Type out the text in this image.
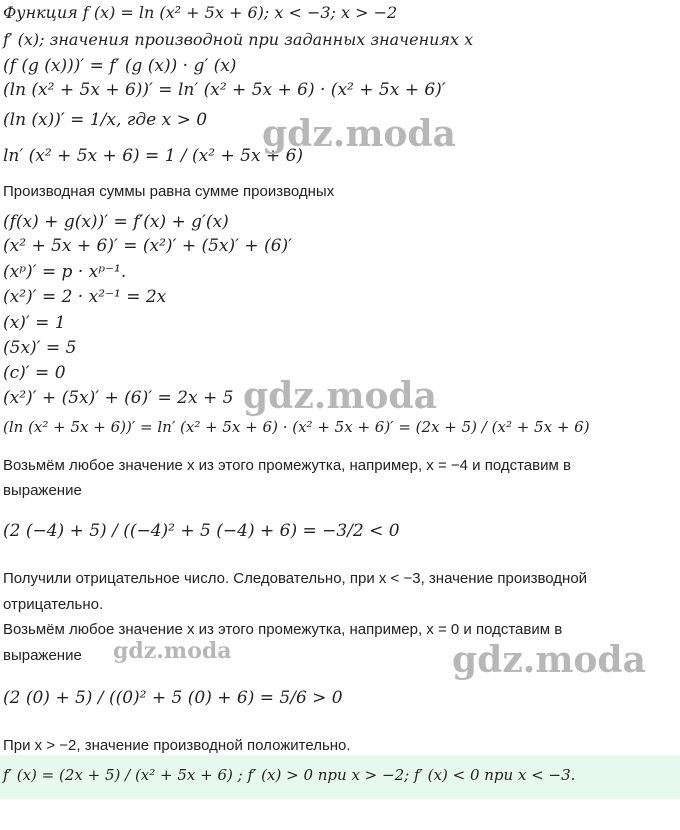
Функция f (x) = ln (x² + 5x + 6); x < −3; x > −2
f′ (x); значения производной при заданных значениях x
(f (g (x)))′ = f′ (g (x)) · g′ (x)
(ln (x² + 5x + 6))′ = ln′ (x² + 5x + 6) · (x² + 5x + 6)′
(ln (x))′ = 1/x, где x > 0
ln′ (x² + 5x + 6) = 1 / (x² + 5x + 6)
Производная суммы равна сумме производных
(f(x) + g(x))′ = f′(x) + g′(x)
(x² + 5x + 6)′ = (x²)′ + (5x)′ + (6)′
(xᵖ)′ = p · xᵖ⁻¹.
(x²)′ = 2 · x²⁻¹ = 2x
(x)′ = 1
(5x)′ = 5
(c)′ = 0
(x²)′ + (5x)′ + (6)′ = 2x + 5
(ln (x² + 5x + 6))′ = ln′ (x² + 5x + 6) · (x² + 5x + 6)′ = (2x + 5) / (x² + 5x + 6)
Возьмём любое значение x из этого промежутка, например, x = −4 и подставим в
выражение
(2 (−4) + 5) / ((−4)² + 5 (−4) + 6) = −3/2 < 0
Получили отрицательное число. Следовательно, при x < −3, значение производной
отрицательно.
Возьмём любое значение x из этого промежутка, например, x = 0 и подставим в
выражение
(2 (0) + 5) / ((0)² + 5 (0) + 6) = 5/6 > 0
При x > −2, значение производной положительно.
f′ (x) = (2x + 5) / (x² + 5x + 6) ; f′ (x) > 0 при x > −2; f′ (x) < 0 при x < −3.
gdz.moda
gdz.moda
gdz.moda	gdz.moda
